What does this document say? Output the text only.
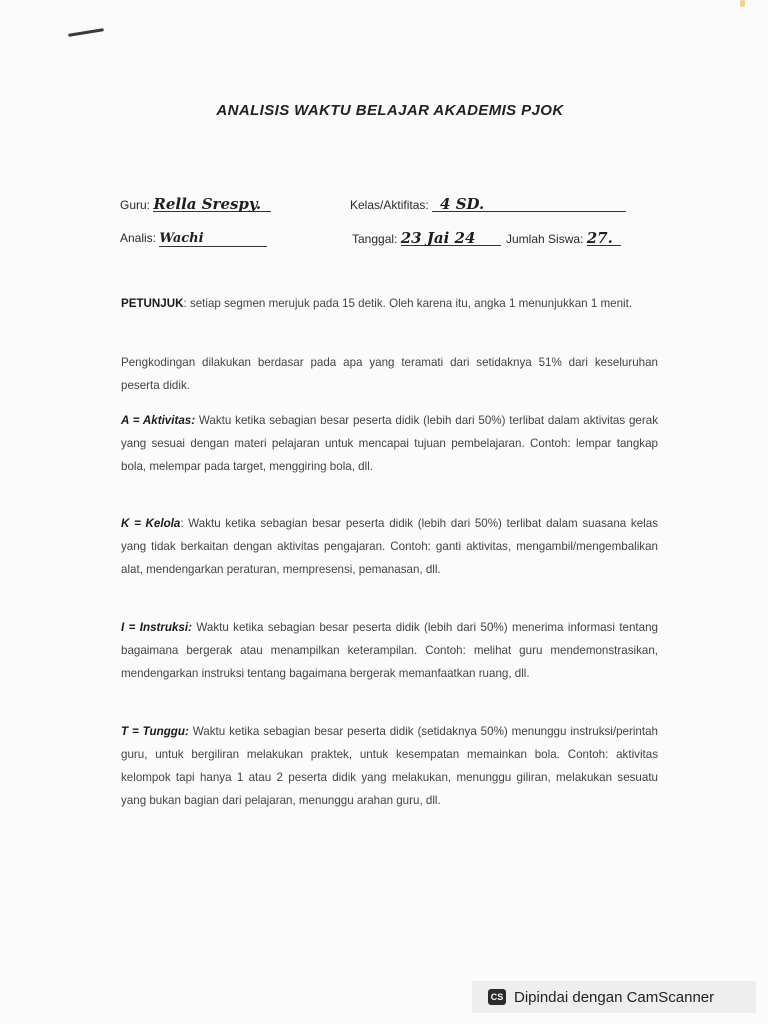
ANALISIS WAKTU BELAJAR AKADEMIS PJOK
Guru: Rella Srespy.	Kelas/Aktifitas: 4 SD.
Analis: Wachi	Tanggal: 23 Jai 24	Jumlah Siswa: 27.
PETUNJUK: setiap segmen merujuk pada 15 detik. Oleh karena itu, angka 1 menunjukkan 1 menit.
Pengkodingan dilakukan berdasar pada apa yang teramati dari setidaknya 51% dari keseluruhan peserta didik.
A = Aktivitas: Waktu ketika sebagian besar peserta didik (lebih dari 50%) terlibat dalam aktivitas gerak yang sesuai dengan materi pelajaran untuk mencapai tujuan pembelajaran. Contoh: lempar tangkap bola, melempar pada target, menggiring bola, dll.
K = Kelola: Waktu ketika sebagian besar peserta didik (lebih dari 50%) terlibat dalam suasana kelas yang tidak berkaitan dengan aktivitas pengajaran. Contoh: ganti aktivitas, mengambil/mengembalikan alat, mendengarkan peraturan, mempresensi, pemanasan, dll.
I = Instruksi: Waktu ketika sebagian besar peserta didik (lebih dari 50%) menerima informasi tentang bagaimana bergerak atau menampilkan keterampilan. Contoh: melihat guru mendemonstrasikan, mendengarkan instruksi tentang bagaimana bergerak memanfaatkan ruang, dll.
T = Tunggu: Waktu ketika sebagian besar peserta didik (setidaknya 50%) menunggu instruksi/perintah guru, untuk bergiliran melakukan praktek, untuk kesempatan memainkan bola. Contoh: aktivitas kelompok tapi hanya 1 atau 2 peserta didik yang melakukan, menunggu giliran, melakukan sesuatu yang bukan bagian dari pelajaran, menunggu arahan guru, dll.
CS Dipindai dengan CamScanner
